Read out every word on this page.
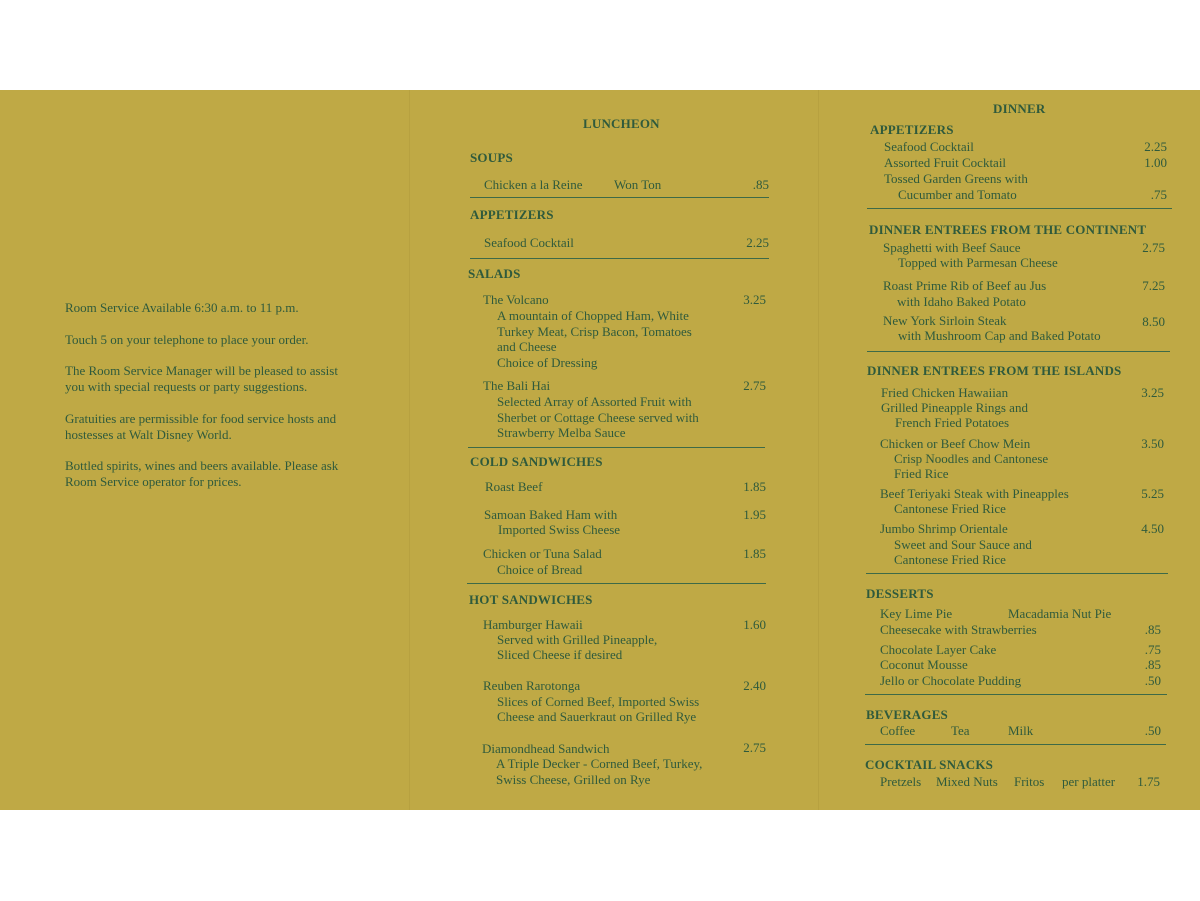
Room Service Available 6:30 a.m. to 11 p.m.
Touch 5 on your telephone to place your order.
The Room Service Manager will be pleased to assist
you with special requests or party suggestions.
Gratuities are permissible for food service hosts and
hostesses at Walt Disney World.
Bottled spirits, wines and beers available. Please ask
Room Service operator for prices.
LUNCHEON
SOUPS
Chicken a la Reine Won Ton	.85
APPETIZERS
Seafood Cocktail	2.25
SALADS
The Volcano	3.25
A mountain of Chopped Ham, White
Turkey Meat, Crisp Bacon, Tomatoes
and Cheese
Choice of Dressing
The Bali Hai	2.75
Selected Array of Assorted Fruit with
Sherbet or Cottage Cheese served with
Strawberry Melba Sauce
COLD SANDWICHES
Roast Beef	1.85
Samoan Baked Ham with	1.95
Imported Swiss Cheese
Chicken or Tuna Salad	1.85
Choice of Bread
HOT SANDWICHES
Hamburger Hawaii	1.60
Served with Grilled Pineapple,
Sliced Cheese if desired
Reuben Rarotonga	2.40
Slices of Corned Beef, Imported Swiss
Cheese and Sauerkraut on Grilled Rye
Diamondhead Sandwich	2.75
A Triple Decker - Corned Beef, Turkey,
Swiss Cheese, Grilled on Rye
DINNER
APPETIZERS
Seafood Cocktail	2.25
Assorted Fruit Cocktail	1.00
Tossed Garden Greens with
Cucumber and Tomato	.75
DINNER ENTREES FROM THE CONTINENT
Spaghetti with Beef Sauce	2.75
Topped with Parmesan Cheese
Roast Prime Rib of Beef au Jus	7.25
with Idaho Baked Potato
New York Sirloin Steak	8.50
with Mushroom Cap and Baked Potato
DINNER ENTREES FROM THE ISLANDS
Fried Chicken Hawaiian	3.25
Grilled Pineapple Rings and
French Fried Potatoes
Chicken or Beef Chow Mein	3.50
Crisp Noodles and Cantonese
Fried Rice
Beef Teriyaki Steak with Pineapples	5.25
Cantonese Fried Rice
Jumbo Shrimp Orientale	4.50
Sweet and Sour Sauce and
Cantonese Fried Rice
DESSERTS
Key Lime Pie	Macadamia Nut Pie
Cheesecake with Strawberries	.85
Chocolate Layer Cake	.75
Coconut Mousse	.85
Jello or Chocolate Pudding	.50
BEVERAGES
Coffee	Tea	Milk	.50
COCKTAIL SNACKS
Pretzels Mixed Nuts Fritos per platter	1.75
